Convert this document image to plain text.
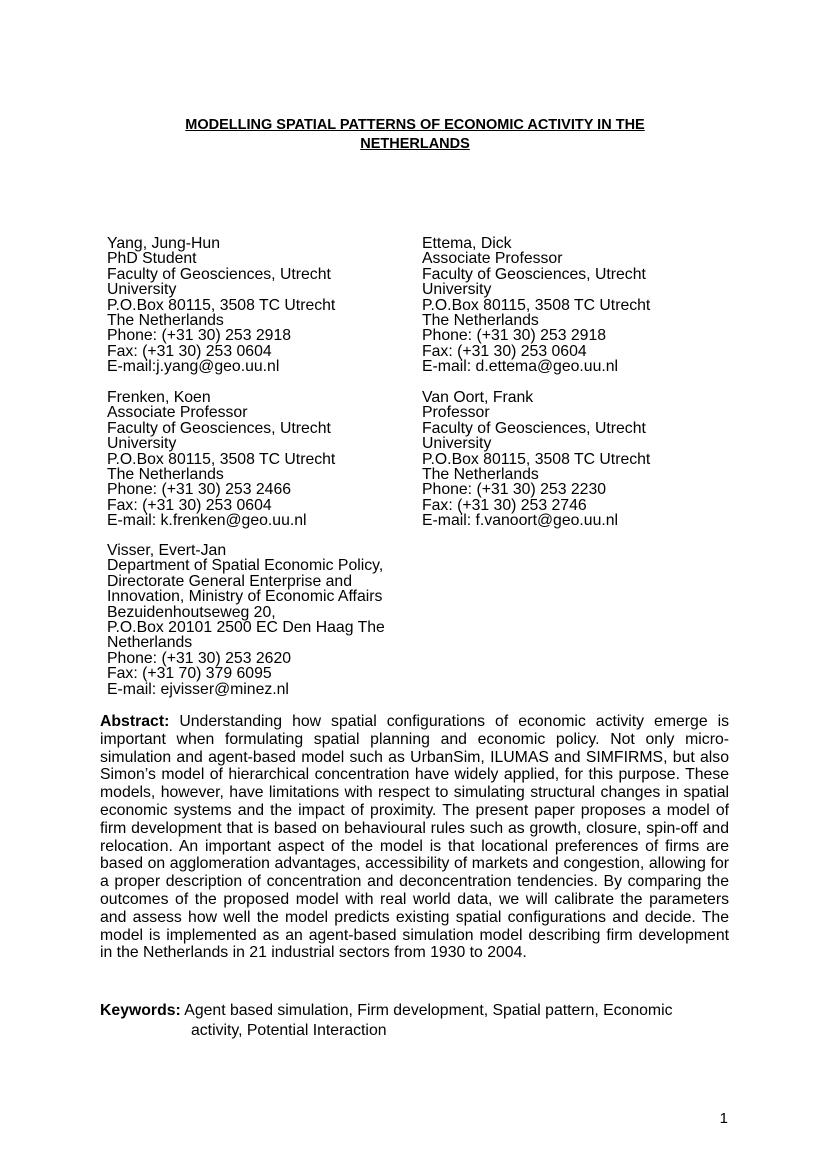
MODELLING SPATIAL PATTERNS OF ECONOMIC ACTIVITY IN THE
NETHERLANDS
Yang, Jung-Hun
PhD Student
Faculty of Geosciences, Utrecht
University
P.O.Box 80115, 3508 TC Utrecht
The Netherlands
Phone: (+31 30) 253 2918
Fax: (+31 30) 253 0604
E-mail:j.yang@geo.uu.nl
Ettema, Dick
Associate Professor
Faculty of Geosciences, Utrecht
University
P.O.Box 80115, 3508 TC Utrecht
The Netherlands
Phone: (+31 30) 253 2918
Fax: (+31 30) 253 0604
E-mail: d.ettema@geo.uu.nl
Frenken, Koen
Associate Professor
Faculty of Geosciences, Utrecht
University
P.O.Box 80115, 3508 TC Utrecht
The Netherlands
Phone: (+31 30) 253 2466
Fax: (+31 30) 253 0604
E-mail: k.frenken@geo.uu.nl
Van Oort, Frank
Professor
Faculty of Geosciences, Utrecht
University
P.O.Box 80115, 3508 TC Utrecht
The Netherlands
Phone: (+31 30) 253 2230
Fax: (+31 30) 253 2746
E-mail: f.vanoort@geo.uu.nl
Visser, Evert-Jan
Department of Spatial Economic Policy,
Directorate General Enterprise and
Innovation, Ministry of Economic Affairs
Bezuidenhoutseweg 20,
P.O.Box 20101 2500 EC Den Haag The
Netherlands
Phone: (+31 30) 253 2620
Fax: (+31 70) 379 6095
E-mail: ejvisser@minez.nl

Abstract: Understanding how spatial configurations of economic activity emerge is important when formulating spatial planning and economic policy. Not only micro-simulation and agent-based model such as UrbanSim, ILUMAS and SIMFIRMS, but also Simon’s model of hierarchical concentration have widely applied, for this purpose. These models, however, have limitations with respect to simulating structural changes in spatial economic systems and the impact of proximity. The present paper proposes a model of firm development that is based on behavioural rules such as growth, closure, spin-off and relocation. An important aspect of the model is that locational preferences of firms are based on agglomeration advantages, accessibility of markets and congestion, allowing for a proper description of concentration and deconcentration tendencies. By comparing the outcomes of the proposed model with real world data, we will calibrate the parameters and assess how well the model predicts existing spatial configurations and decide. The model is implemented as an agent-based simulation model describing firm development in the Netherlands in 21 industrial sectors from 1930 to 2004.

Keywords: Agent based simulation, Firm development, Spatial pattern, Economic
activity, Potential Interaction

1
